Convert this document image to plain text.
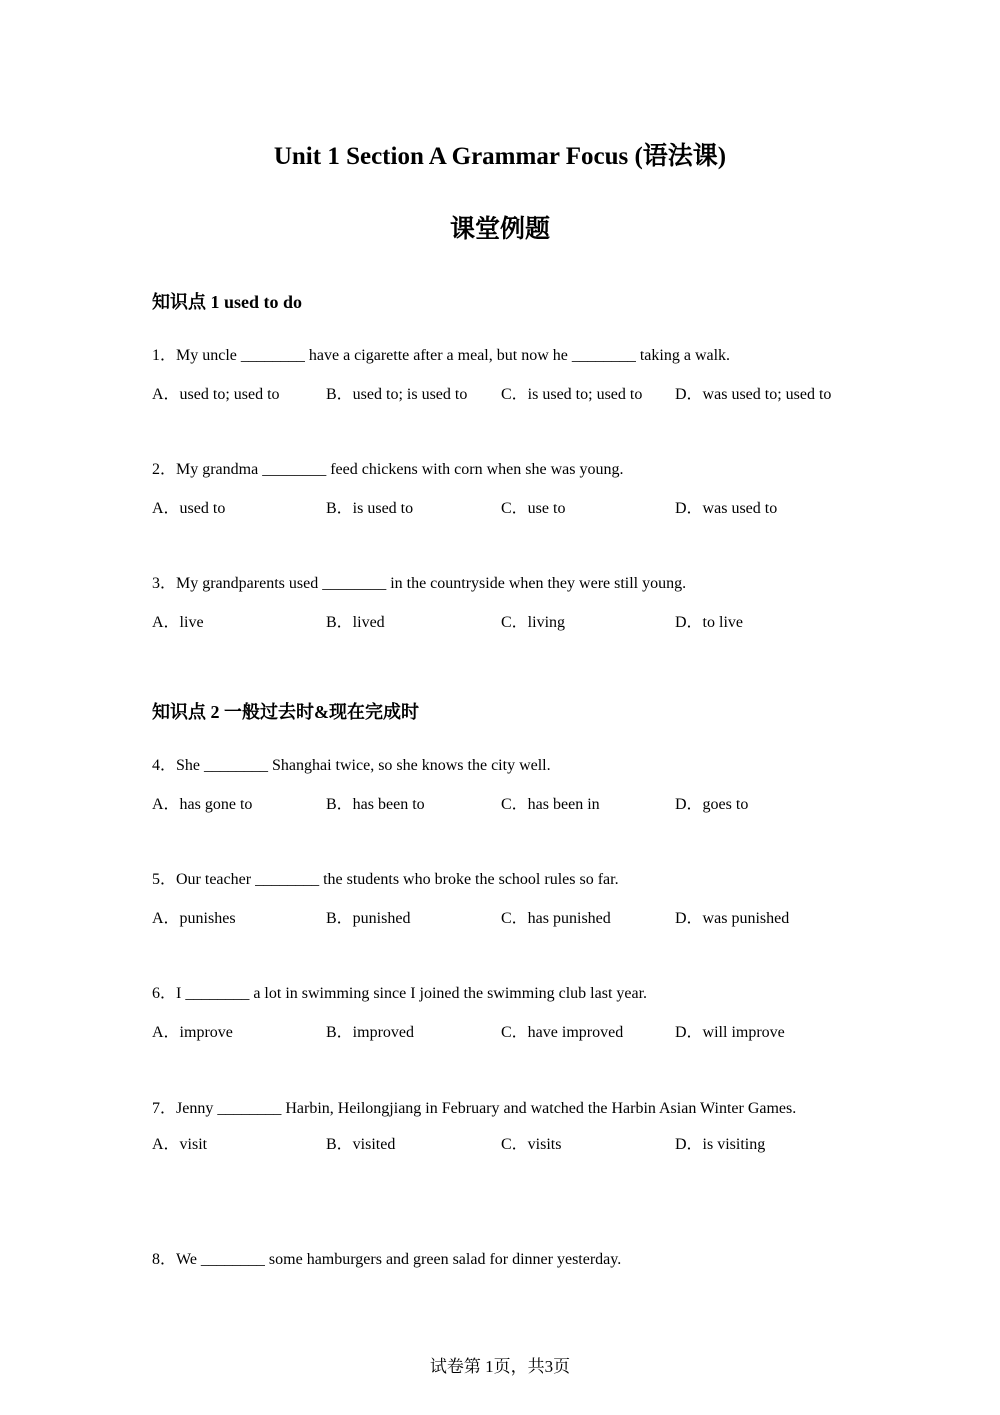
Unit 1 Section A Grammar Focus (语法课)
课堂例题
知识点 1 used to do

1．My uncle ________ have a cigarette after a meal, but now he ________ taking a walk.

A．used to; used to	B．used to; is used to C．is used to; used to D．was used to; used to

2．My grandma ________ feed chickens with corn when she was young.

A．used to	B．is used to	C．use to	D．was used to

3．My grandparents used ________ in the countryside when they were still young.

A．live	B．lived	C．living	D．to live
知识点 2 一般过去时&现在完成时

4．She ________ Shanghai twice, so she knows the city well.

A．has gone to	B．has been to	C．has been in	D．goes to

5．Our teacher ________ the students who broke the school rules so far.

A．punishes	B．punished	C．has punished	D．was punished

6．I ________ a lot in swimming since I joined the swimming club last year.

A．improve	B．improved	C．have improved	D．will improve

7．Jenny ________ Harbin, Heilongjiang in February and watched the Harbin Asian Winter Games.

A．visit	B．visited	C．visits	D．is visiting

8．We ________ some hamburgers and green salad for dinner yesterday.

试卷第 1页，共3页
